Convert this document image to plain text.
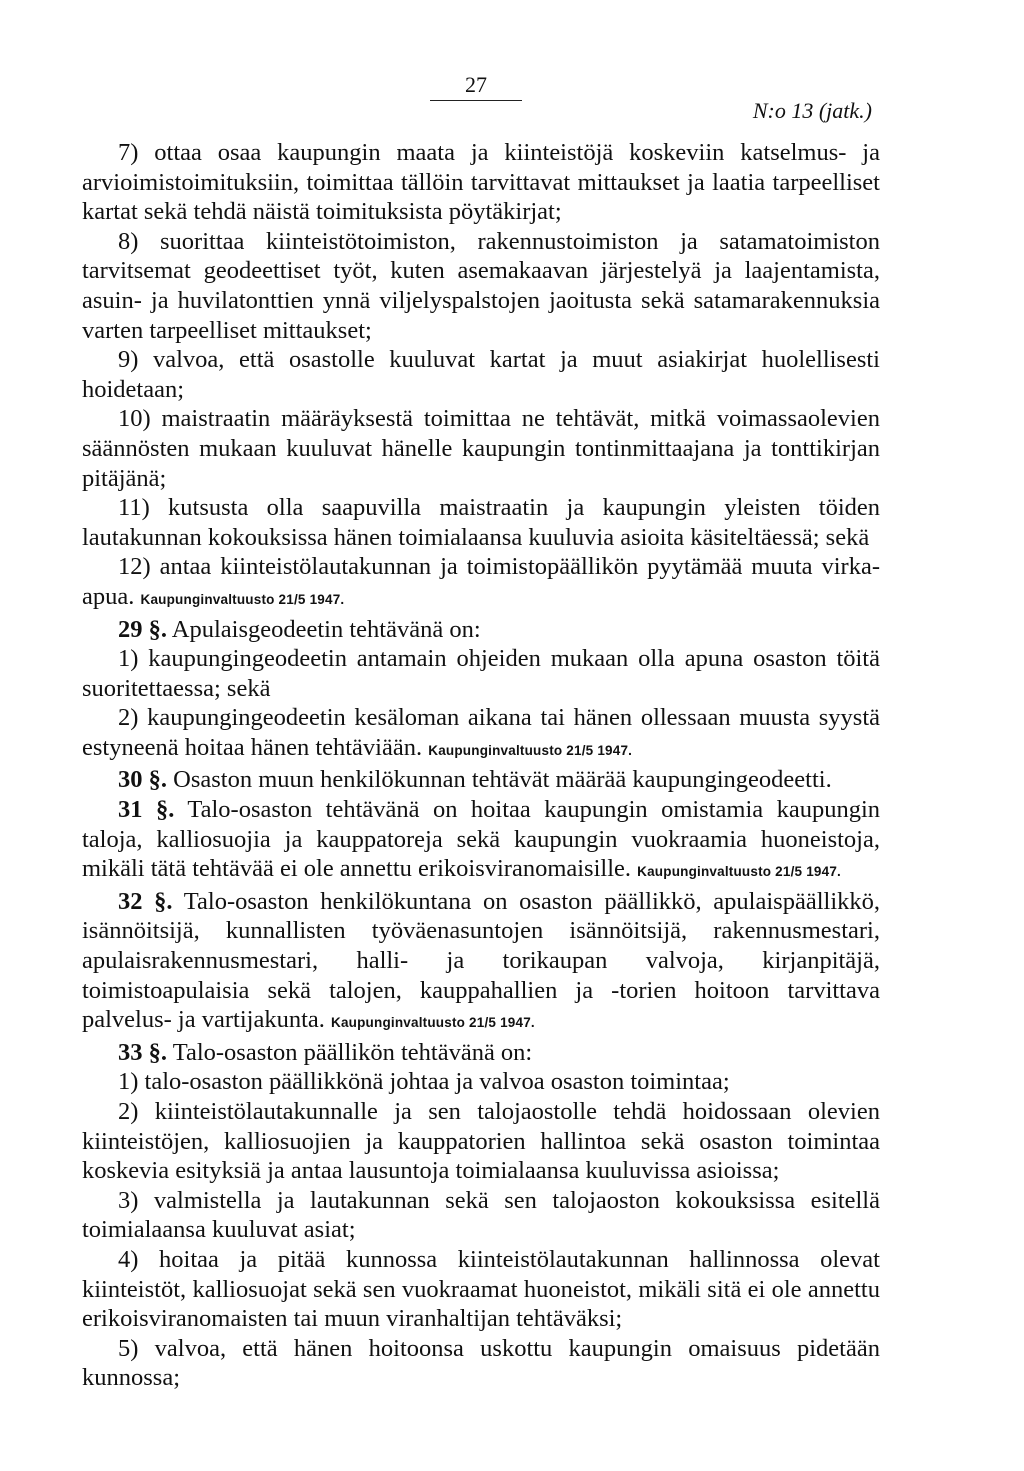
27
N:o 13 (jatk.)

7) ottaa osaa kaupungin maata ja kiinteistöjä koskeviin katselmus- ja arvioimistoimituksiin, toimittaa tällöin tarvittavat mittaukset ja laatia tarpeelliset kartat sekä tehdä näistä toimituksista pöytäkirjat;

8) suorittaa kiinteistötoimiston, rakennustoimiston ja satamatoimiston tarvitsemat geodeettiset työt, kuten asemakaavan järjestelyä ja laajentamista, asuin- ja huvilatonttien ynnä viljelyspalstojen jaoitusta sekä satamarakennuksia varten tarpeelliset mittaukset;

9) valvoa, että osastolle kuuluvat kartat ja muut asiakirjat huolellisesti hoidetaan;

10) maistraatin määräyksestä toimittaa ne tehtävät, mitkä voimassaolevien säännösten mukaan kuuluvat hänelle kaupungin tontinmittaajana ja tonttikirjan pitäjänä;

11) kutsusta olla saapuvilla maistraatin ja kaupungin yleisten töiden lautakunnan kokouksissa hänen toimialaansa kuuluvia asioita käsiteltäessä; sekä

12) antaa kiinteistölautakunnan ja toimistopäällikön pyytämää muuta virka-apua. Kaupunginvaltuusto 21/5 1947.

29 §. Apulaisgeodeetin tehtävänä on:

1) kaupungingeodeetin antamain ohjeiden mukaan olla apuna osaston töitä suoritettaessa; sekä

2) kaupungingeodeetin kesäloman aikana tai hänen ollessaan muusta syystä estyneenä hoitaa hänen tehtäviään. Kaupunginvaltuusto 21/5 1947.

30 §. Osaston muun henkilökunnan tehtävät määrää kaupungingeodeetti.

31 §. Talo-osaston tehtävänä on hoitaa kaupungin omistamia kaupungin taloja, kalliosuojia ja kauppatoreja sekä kaupungin vuokraamia huoneistoja, mikäli tätä tehtävää ei ole annettu erikoisviranomaisille. Kaupunginvaltuusto 21/5 1947.

32 §. Talo-osaston henkilökuntana on osaston päällikkö, apulaispäällikkö, isännöitsijä, kunnallisten työväenasuntojen isännöitsijä, rakennusmestari, apulaisrakennusmestari, halli- ja torikaupan valvoja, kirjanpitäjä, toimistoapulaisia sekä talojen, kauppahallien ja -torien hoitoon tarvittava palvelus- ja vartijakunta. Kaupunginvaltuusto 21/5 1947.

33 §. Talo-osaston päällikön tehtävänä on:

1) talo-osaston päällikkönä johtaa ja valvoa osaston toimintaa;

2) kiinteistölautakunnalle ja sen talojaostolle tehdä hoidossaan olevien kiinteistöjen, kalliosuojien ja kauppatorien hallintoa sekä osaston toimintaa koskevia esityksiä ja antaa lausuntoja toimialaansa kuuluvissa asioissa;

3) valmistella ja lautakunnan sekä sen talojaoston kokouksissa esitellä toimialaansa kuuluvat asiat;

4) hoitaa ja pitää kunnossa kiinteistölautakunnan hallinnossa olevat kiinteistöt, kalliosuojat sekä sen vuokraamat huoneistot, mikäli sitä ei ole annettu erikoisviranomaisten tai muun viranhaltijan tehtäväksi;

5) valvoa, että hänen hoitoonsa uskottu kaupungin omaisuus pidetään kunnossa;
